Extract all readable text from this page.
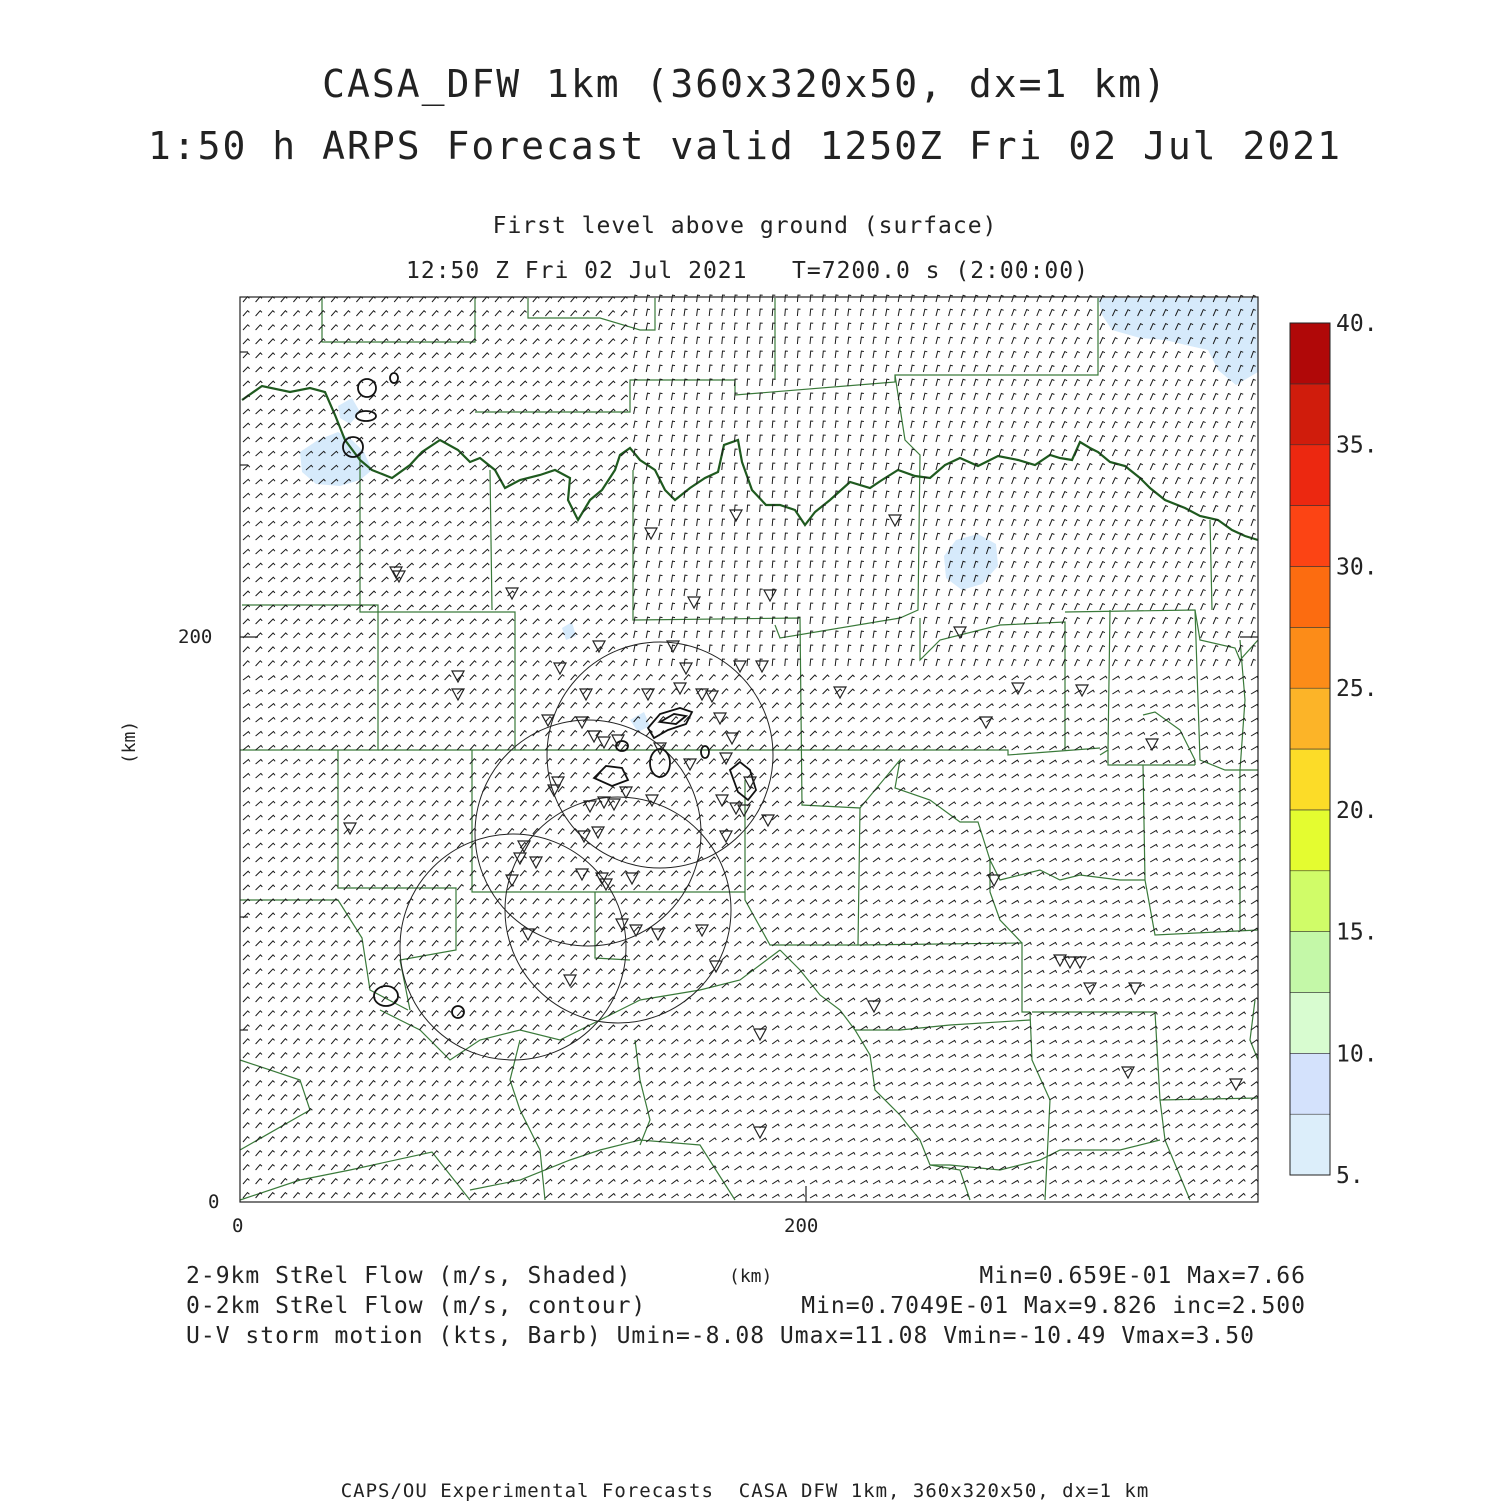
CASA_DFW 1km (360x320x50, dx=1 km)
1:50 h ARPS Forecast valid 1250Z Fri 02 Jul 2021
First level above ground (surface)
12:50 Z Fri 02 Jul 2021   T=7200.0 s (2:00:00)
200
0
0	200
5.
10.
15.
20.
25.
30.
35.
40.
(km)
(km)
2-9km StRel Flow (m/s, Shaded)	Min=0.659E-01 Max=7.66
0-2km StRel Flow (m/s, contour)	Min=0.7049E-01 Max=9.826 inc=2.500
U-V storm motion (kts, Barb) Umin=-8.08 Umax=11.08 Vmin=-10.49 Vmax=3.50
CAPS/OU Experimental Forecasts  CASA DFW 1km, 360x320x50, dx=1 km
